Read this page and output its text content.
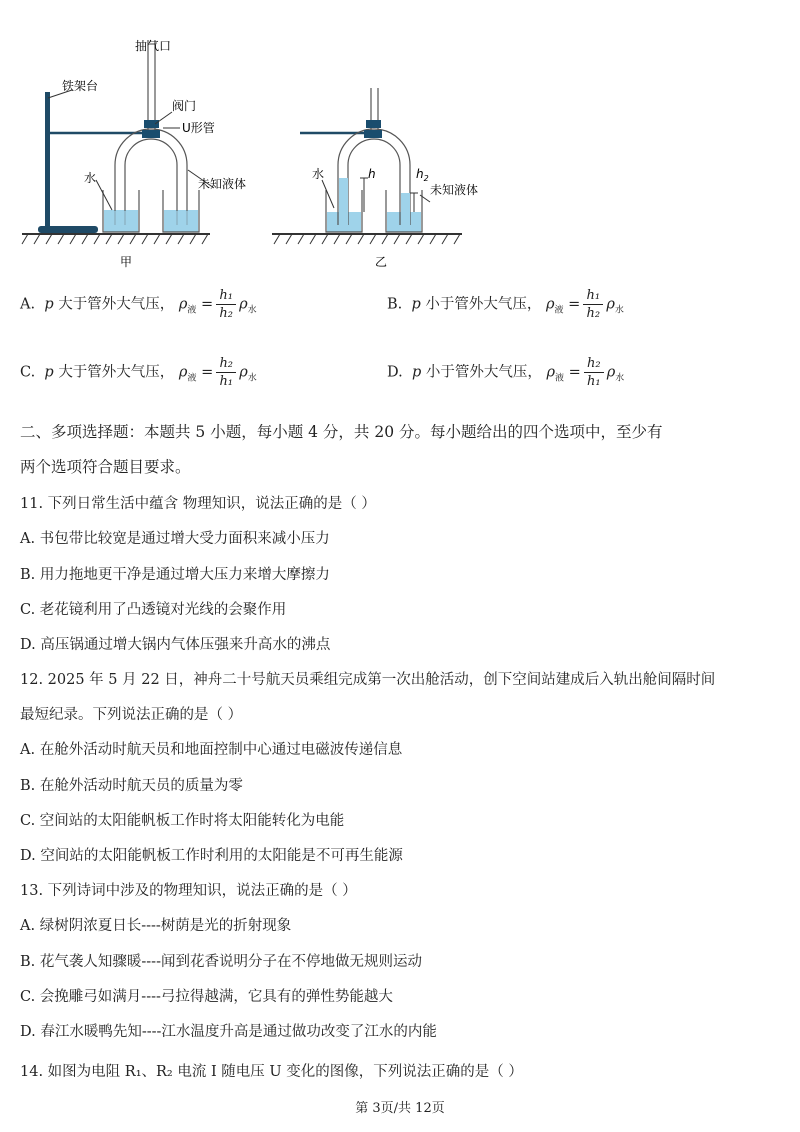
抽气口
铁架台
阀门
U形管
水	未知液体
甲
水	h	$h_2$
未知液体
乙
A. p 大于管外大气压， $\rho_液 = \frac{\text{h₁}}{\text{h₂}} \rho_水$	B. p 小于管外大气压， $\rho_液 = \frac{\text{h₁}}{\text{h₂}} \rho_水$
C. p 大于管外大气压， $\rho_液 = \frac{\text{h₂}}{\text{h₁}} \rho_水$	D. p 小于管外大气压， $\rho_液 = \frac{\text{h₂}}{\text{h₁}} \rho_水$
二、多项选择题：本题共 5 小题，每小题 4 分，共 20 分。每小题给出的四个选项中，至少有
两个选项符合题目要求。
11. 下列日常生活中蕴含 物理知识，说法正确的是（ ）
A. 书包带比较宽是通过增大受力面积来减小压力
B. 用力拖地更干净是通过增大压力来增大摩擦力
C. 老花镜利用了凸透镜对光线的会聚作用
D. 高压锅通过增大锅内气体压强来升高水的沸点
12. 2025 年 5 月 22 日，神舟二十号航天员乘组完成第一次出舱活动，创下空间站建成后入轨出舱间隔时间
最短纪录。下列说法正确的是（ ）
A. 在舱外活动时航天员和地面控制中心通过电磁波传递信息
B. 在舱外活动时航天员的质量为零
C. 空间站的太阳能帆板工作时将太阳能转化为电能
D. 空间站的太阳能帆板工作时利用的太阳能是不可再生能源
13. 下列诗词中涉及的物理知识，说法正确的是（ ）
A. 绿树阴浓夏日长----树荫是光的折射现象
B. 花气袭人知骤暖----闻到花香说明分子在不停地做无规则运动
C. 会挽雕弓如满月----弓拉得越满，它具有的弹性势能越大
D. 春江水暖鸭先知----江水温度升高是通过做功改变了江水的内能
14. 如图为电阻 R₁、R₂ 电流 I 随电压 U 变化的图像，下列说法正确的是（ ）
第 3页/共 12页
